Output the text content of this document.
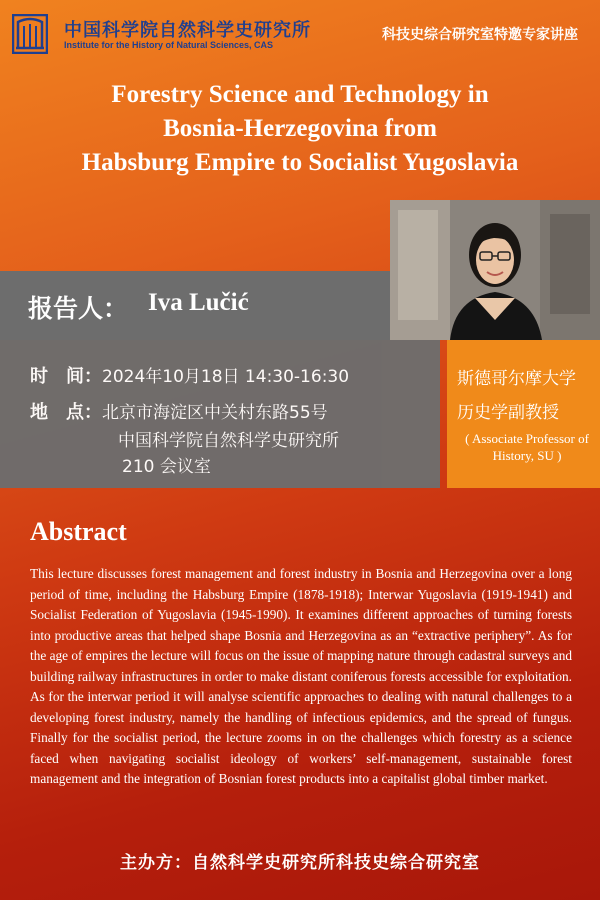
中国科学院自然科学史研究所
Institute for the History of Natural Sciences, CAS
科技史综合研究室特邀专家讲座
Forestry Science and Technology in
Bosnia-Herzegovina from
Habsburg Empire to Socialist Yugoslavia
报告人： Iva Lučić
时　间：2024年10月18日 14:30-16:30
地　点：北京市海淀区中关村东路55号
中国科学院自然科学史研究所
210 会议室
斯德哥尔摩大学
历史学副教授
( Associate Professor of History, SU )
Abstract
This lecture discusses forest management and forest industry in Bosnia and Herzegovina over a long period of time, including the Habsburg Empire (1878-1918); Interwar Yugoslavia (1919-1941) and Socialist Federation of Yugoslavia (1945-1990). It examines different approaches of turning forests into productive areas that helped shape Bosnia and Herzegovina as an “extractive periphery”. As for the age of empires the lecture will focus on the issue of mapping nature through cadastral surveys and building railway infrastructures in order to make distant coniferous forests accessible for exploitation. As for the interwar period it will analyse scientific approaches to dealing with natural challenges to a developing forest industry, namely the handling of infectious epidemics, and the spread of fungus. Finally for the socialist period, the lecture zooms in on the challenges which forestry as a science faced when navigating socialist ideology of workers’ self-management, sustainable forest management and the integration of Bosnian forest products into a capitalist global timber market.
主办方：自然科学史研究所科技史综合研究室
